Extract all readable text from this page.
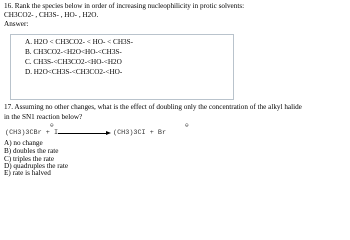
16. Rank the species below in order of increasing nucleophilicity in protic solvents:
CH3CO2- , CH3S- , HO- , H2O.
Answer:
A. H2O < CH3CO2- < HO- < CH3S-
B. CH3CO2-<H2O<HO-<CH3S-
C. CH3S-<CH3CO2-<HO-<H2O
D. H2O<CH3S-<CH3CO2-<HO-
17. Assuming no other changes, what is the effect of doubling only the concentration of the alkyl halide
in the SN1 reaction below?
⊖	⊖
(CH3)3CBr + I	(CH3)3CI + Br
A) no change
B) doubles the rate
C) triples the rate
D) quadruples the rate
E) rate is halved
